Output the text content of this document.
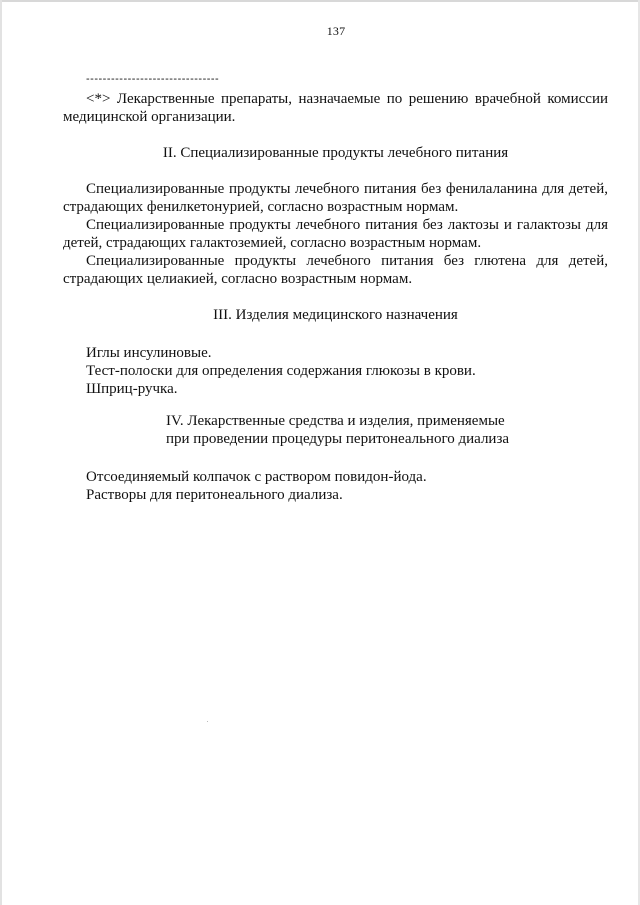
137
--------------------------------

<*> Лекарственные препараты, назначаемые по решению врачебной комиссии медицинской организации.

II. Специализированные продукты лечебного питания

Специализированные продукты лечебного питания без фенилаланина для детей, страдающих фенилкетонурией, согласно возрастным нормам.

Специализированные продукты лечебного питания без лактозы и галактозы для детей, страдающих галактоземией, согласно возрастным нормам.

Специализированные продукты лечебного питания без глютена для детей, страдающих целиакией, согласно возрастным нормам.

III. Изделия медицинского назначения

Иглы инсулиновые.

Тест-полоски для определения содержания глюкозы в крови.

Шприц-ручка.

IV. Лекарственные средства и изделия, применяемые

при проведении процедуры перитонеального диализа

Отсоединяемый колпачок с раствором повидон-йода.

Растворы для перитонеального диализа.
